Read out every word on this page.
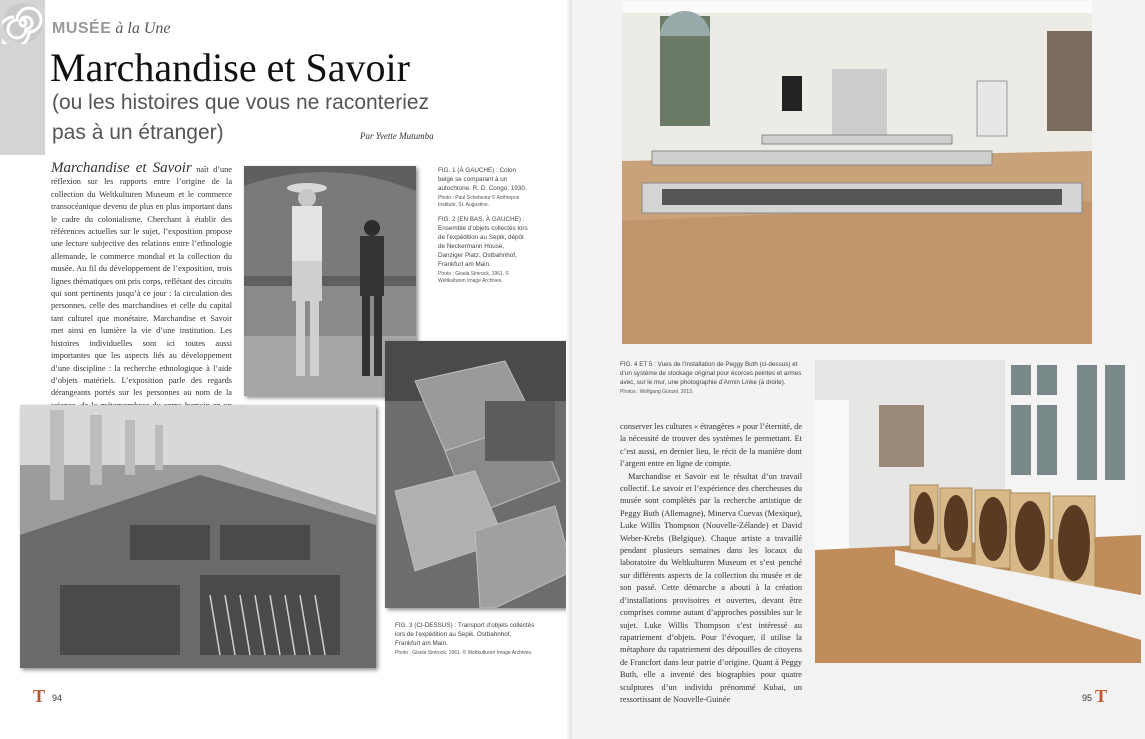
MUSÉE à la Une
Marchandise et Savoir
(ou les histoires que vous ne raconteriez pas à un étranger)	Par Yvette Mutumba
Marchandise et Savoir naît d’une réflexion sur les rapports entre l’origine de la collection du Weltkulturen Museum et le commerce transocéanique devenu de plus en plus important dans le cadre du colonialisme. Cherchant à établir des références actuelles sur le sujet, l’exposition propose une lecture subjective des relations entre l’ethnologie allemande, le commerce mondial et la collection du musée. Au fil du développement de l’exposition, trois lignes thématiques ont pris corps, reflétant des circuits qui sont pertinents jusqu’à ce jour : la circulation des personnes, celle des marchandises et celle du capital tant culturel que monétaire. Marchandise et Savoir met ainsi en lumière la vie d’une institution. Les histoires individuelles sont ici toutes aussi importantes que les aspects liés au développement d’une discipline : la recherche ethnologique à l’aide d’objets matériels. L’exposition parle des regards dérangeants portés sur les personnes au nom de la
FIG. 1 (À GAUCHE) : Colon belge se comparant à un autochtone. R. D. Congo, 1930.
Photo : Paul Schebesta © Anthropos Institute, St. Augustine.
FIG. 2 (EN BAS, À GAUCHE) : Ensemble d’objets collectés lors de l’expédition au Sepik, dépôt de Neckermann House, Danziger Platz, Ostbahnhof, Frankfurt am Main.
Photo : Gisela Simrock, 1961. © Weltkulturen Image Archives.
FIG. 3 (CI-DESSUS) : Transport d’objets collectés lors de l’expédition au Sepik. Ostbahnhof, Frankfurt am Main.
Photo : Gisela Simrock, 1961. © Weltkulturen Image Archives.
T 94
FIG. 4 ET 5 : Vues de l’installation de Peggy Buth (ci-dessus) et d’un système de stockage original pour écorces peintes et armes avec, sur le mur, une photographie d’Armin Linke (à droite).
Photos : Wolfgang Günzel, 2013.

conserver les cultures « étrangères » pour l’éternité, de la nécessité de trouver des systèmes le permettant. Et c’est aussi, en dernier lieu, le récit de la manière dont l’argent entre en ligne de compte.

Marchandise et Savoir est le résultat d’un travail collectif. Le savoir et l’expérience des chercheuses du musée sont complétés par la recherche artistique de Peggy Buth (Allemagne), Minerva Cuevas (Mexique), Luke Willis Thompson (Nouvelle-Zélande) et David Weber-Krebs (Belgique). Chaque artiste a travaillé pendant plusieurs semaines dans les locaux du laboratoire du Weltkulturen Museum et s’est penché sur différents aspects de la collection du musée et de son passé. Cette démarche a abouti à la création d’installations provisoires et ouvertes, devant être comprises comme autant d’approches possibles sur le sujet. Luke Willis Thompson s’est intéressé au rapatriement d’objets. Pour l’évoquer, il utilise la métaphore du rapatriement des dépouilles de citoyens de Francfort dans leur patrie d’origine. Quant à Peggy Buth, elle a inventé des biographies pour quatre sculptures d’un individu prénommé Kubai, un ressortissant de Nouvelle-Guinée	95 T
